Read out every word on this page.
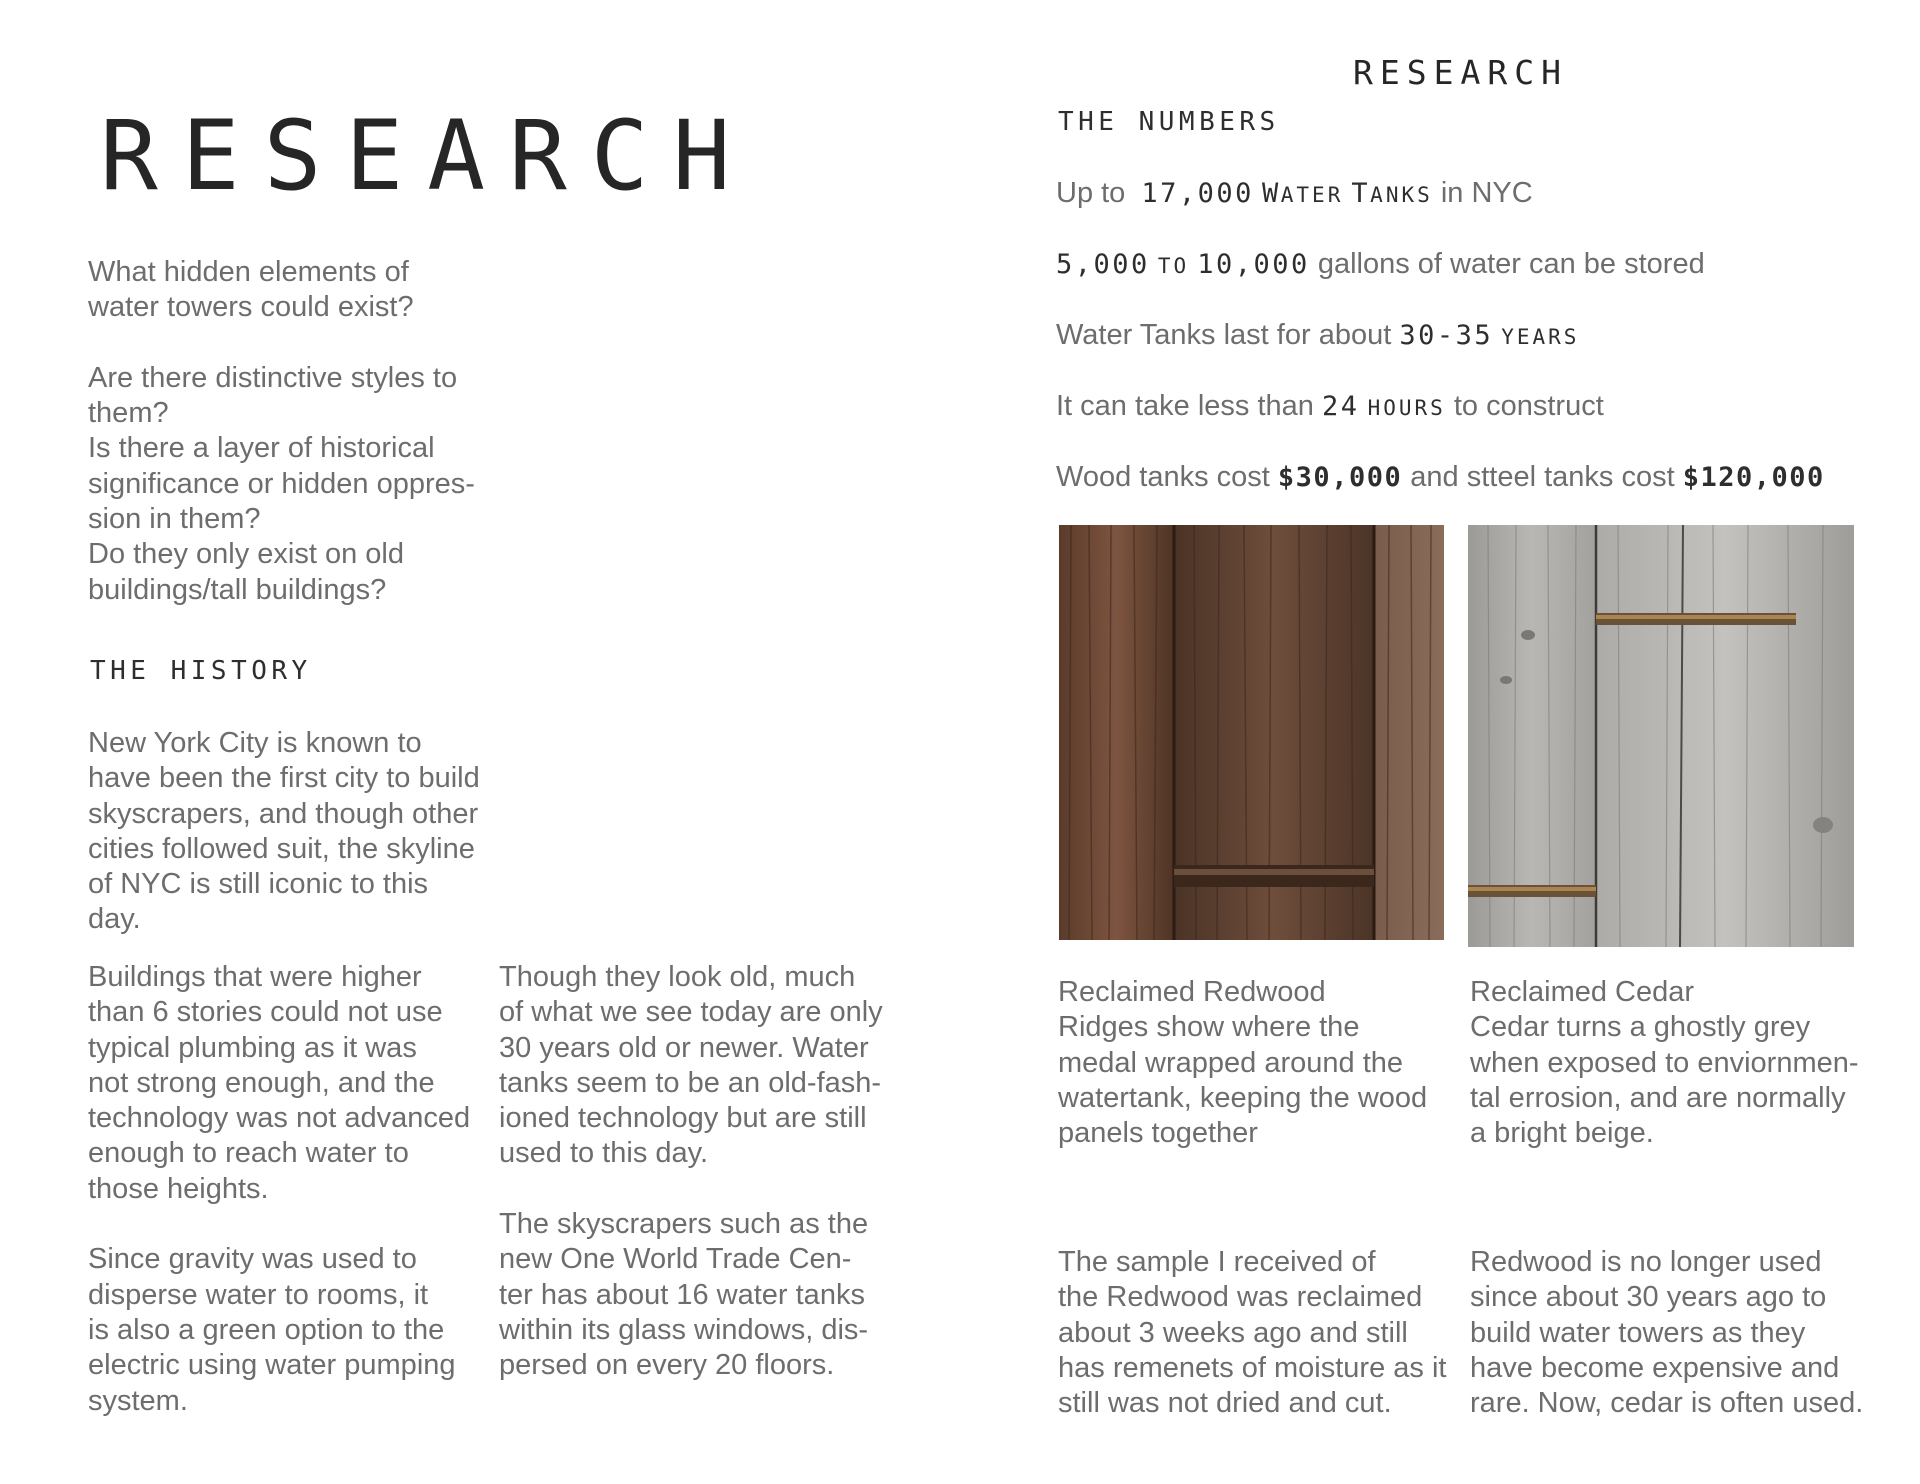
RESEARCH

What hidden elements of
water towers could exist?

Are there distinctive styles to
them?
Is there a layer of historical
significance or hidden oppres-
sion in them?
Do they only exist on old
buildings/tall buildings?

THE HISTORY

New York City is known to
have been the first city to build
skyscrapers, and though other
cities followed suit, the skyline
of NYC is still iconic to this day.

Buildings that were higher
than 6 stories could not use
typical plumbing as it was
not strong enough, and the
technology was not advanced
enough to reach water to
those heights.

Since gravity was used to
disperse water to rooms, it
is also a green option to the
electric using water pumping
system.

Though they look old, much
of what we see today are only
30 years old or newer. Water
tanks seem to be an old-fash-
ioned technology but are still
used to this day.

The skyscrapers such as the
new One World Trade Cen-
ter has about 16 water tanks
within its glass windows, dis-
persed on every 20 floors.

RESEARCH
THE NUMBERS
Up to 17,000 WATER TANKS in NYC
5,000 TO 10,000 gallons of water can be stored
Water Tanks last for about 30-35 YEARS
It can take less than 24 HOURS to construct
Wood tanks cost $30,000 and stteel tanks cost $120,000

Reclaimed Redwood
Ridges show where the
medal wrapped around the
watertank, keeping the wood
panels together

Reclaimed Cedar
Cedar turns a ghostly grey
when exposed to enviornmen-
tal errosion, and are normally
a bright beige.

The sample I received of
the Redwood was reclaimed
about 3 weeks ago and still
has remenets of moisture as it
still was not dried and cut.

Redwood is no longer used
since about 30 years ago to
build water towers as they
have become expensive and
rare. Now, cedar is often used.
